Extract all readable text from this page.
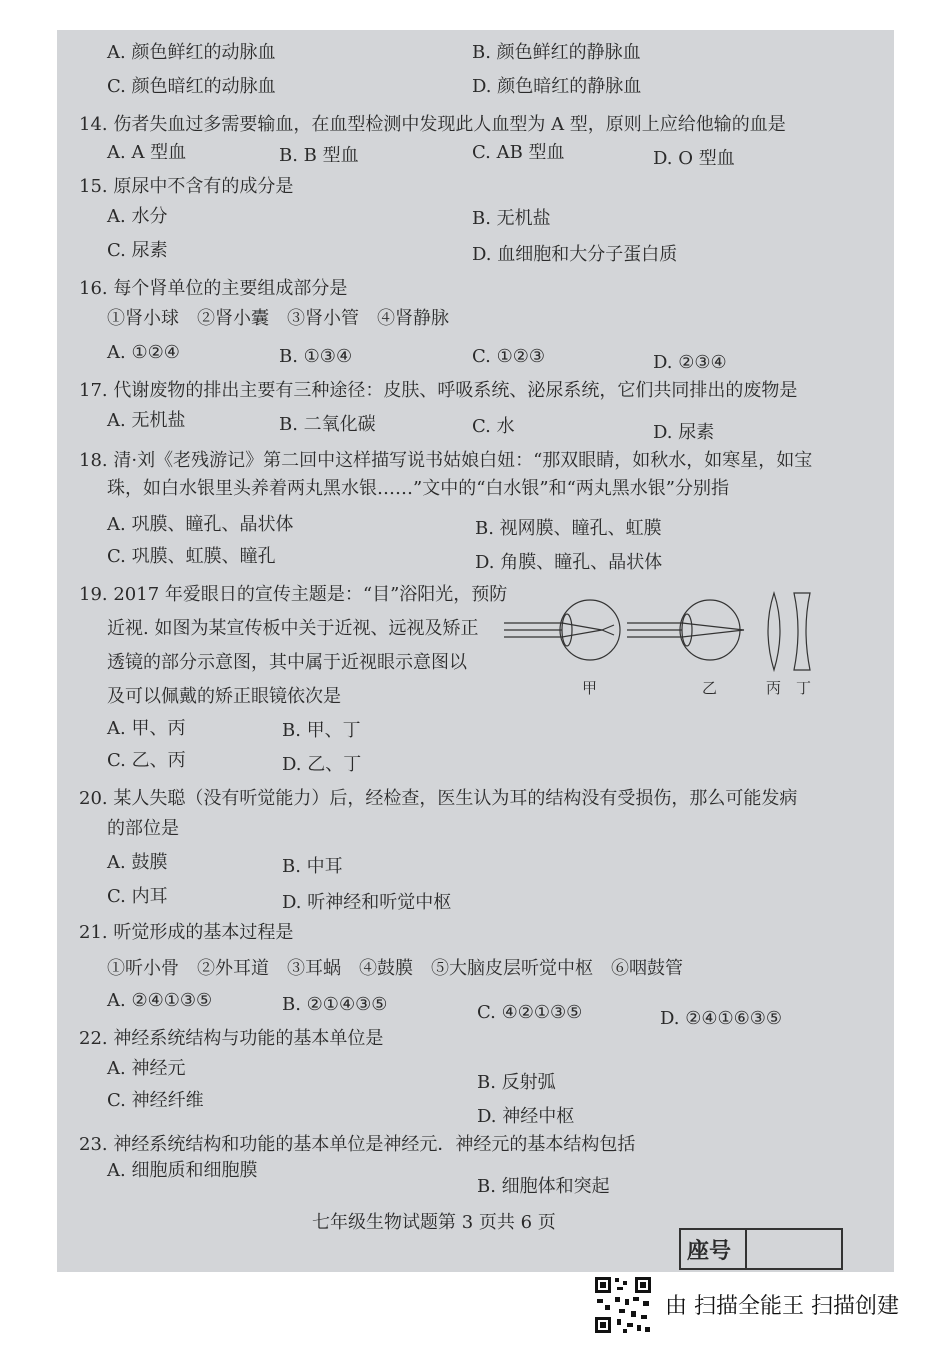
A. 颜色鲜红的动脉血	B. 颜色鲜红的静脉血
C. 颜色暗红的动脉血	D. 颜色暗红的静脉血
14. 伤者失血过多需要输血，在血型检测中发现此人血型为 A 型，原则上应给他输的血是
A. A 型血	B. B 型血	C. AB 型血	D. O 型血
15. 原尿中不含有的成分是
A. 水分	B. 无机盐
C. 尿素	D. 血细胞和大分子蛋白质
16. 每个肾单位的主要组成部分是
①肾小球　②肾小囊　③肾小管　④肾静脉
A. ①②④	B. ①③④	C. ①②③	D. ②③④
17. 代谢废物的排出主要有三种途径：皮肤、呼吸系统、泌尿系统，它们共同排出的废物是
A. 无机盐	B. 二氧化碳	C. 水	D. 尿素
18. 清·刘《老残游记》第二回中这样描写说书姑娘白妞：“那双眼睛，如秋水，如寒星，如宝
珠，如白水银里头养着两丸黑水银……”文中的“白水银”和“两丸黑水银”分别指
A. 巩膜、瞳孔、晶状体	B. 视网膜、瞳孔、虹膜
C. 巩膜、虹膜、瞳孔	D. 角膜、瞳孔、晶状体
19. 2017 年爱眼日的宣传主题是：“目”浴阳光，预防
近视. 如图为某宣传板中关于近视、远视及矫正
透镜的部分示意图，其中属于近视眼示意图以
及可以佩戴的矫正眼镜依次是
A. 甲、丙	B. 甲、丁
C. 乙、丙	D. 乙、丁
甲	乙	丙 丁
20. 某人失聪（没有听觉能力）后，经检查，医生认为耳的结构没有受损伤，那么可能发病
的部位是
A. 鼓膜	B. 中耳
C. 内耳	D. 听神经和听觉中枢
21. 听觉形成的基本过程是
①听小骨　②外耳道　③耳蜗　④鼓膜　⑤大脑皮层听觉中枢　⑥咽鼓管
A. ②④①③⑤	B. ②①④③⑤	C. ④②①③⑤	D. ②④①⑥③⑤
22. 神经系统结构与功能的基本单位是
A. 神经元
B. 反射弧
C. 神经纤维
D. 神经中枢
23. 神经系统结构和功能的基本单位是神经元．神经元的基本结构包括
A. 细胞质和细胞膜
B. 细胞体和突起
七年级生物试题第 3 页共 6 页
座号
由 扫描全能王 扫描创建
